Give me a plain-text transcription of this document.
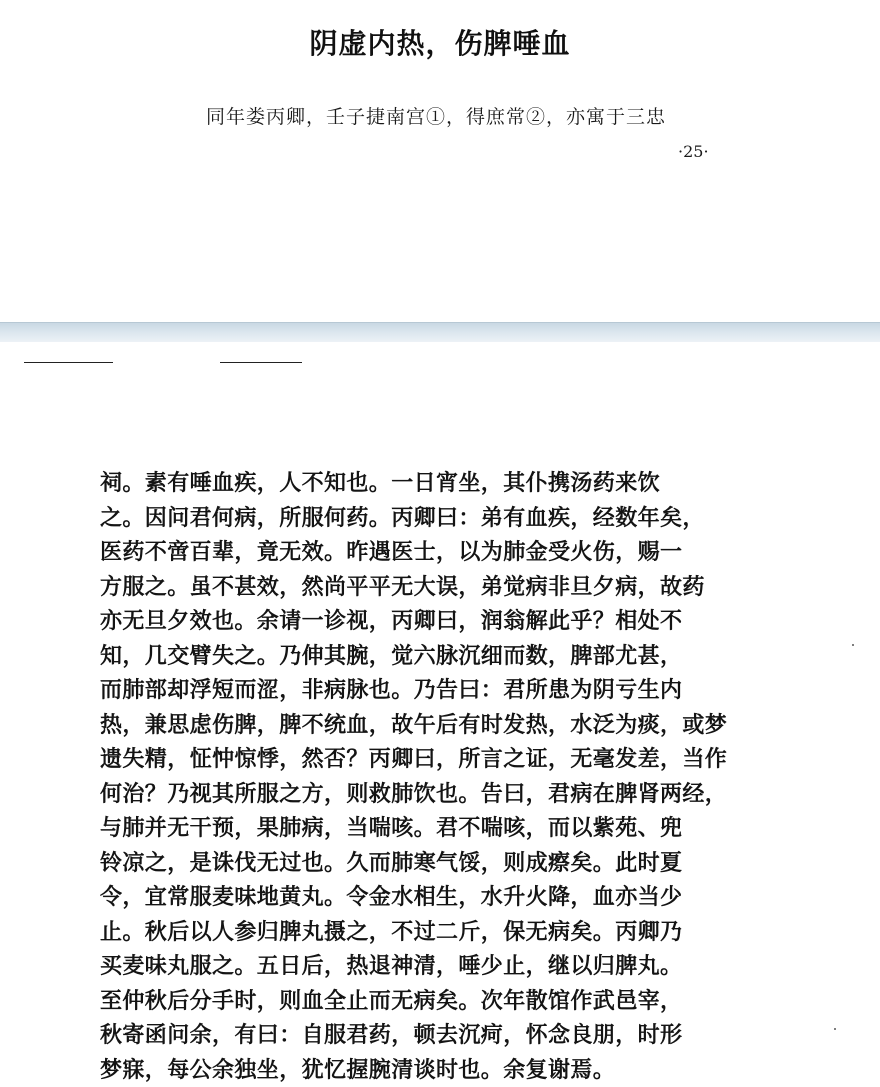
阴虚内热，伤脾唾血
同年娄丙卿，壬子捷南宫①，得庶常②，亦寓于三忠
·25·
祠。素有唾血疾，人不知也。一日宵坐，其仆携汤药来饮
之。因问君何病，所服何药。丙卿曰：弟有血疾，经数年矣，
医药不啻百辈，竟无效。昨遇医士，以为肺金受火伤，赐一
方服之。虽不甚效，然尚平平无大误，弟觉病非旦夕病，故药
亦无旦夕效也。余请一诊视，丙卿曰，润翁解此乎？相处不
知，几交臂失之。乃伸其腕，觉六脉沉细而数，脾部尤甚，
而肺部却浮短而涩，非病脉也。乃告曰：君所患为阴亏生内
热，兼思虑伤脾，脾不统血，故午后有时发热，水泛为痰，或梦
遗失精，怔忡惊悸，然否？丙卿曰，所言之证，无毫发差，当作
何治？乃视其所服之方，则救肺饮也。告曰，君病在脾肾两经，
与肺并无干预，果肺病，当喘咳。君不喘咳，而以紫苑、兜
铃凉之，是诛伐无过也。久而肺寒气馁，则成瘵矣。此时夏
令，宜常服麦味地黄丸。令金水相生，水升火降，血亦当少
止。秋后以人参归脾丸摄之，不过二斤，保无病矣。丙卿乃
买麦味丸服之。五日后，热退神清，唾少止，继以归脾丸。
至仲秋后分手时，则血全止而无病矣。次年散馆作武邑宰，
秋寄函问余，有曰：自服君药，顿去沉疴，怀念良朋，时形
梦寐，每公余独坐，犹忆握腕清谈时也。余复谢焉。
